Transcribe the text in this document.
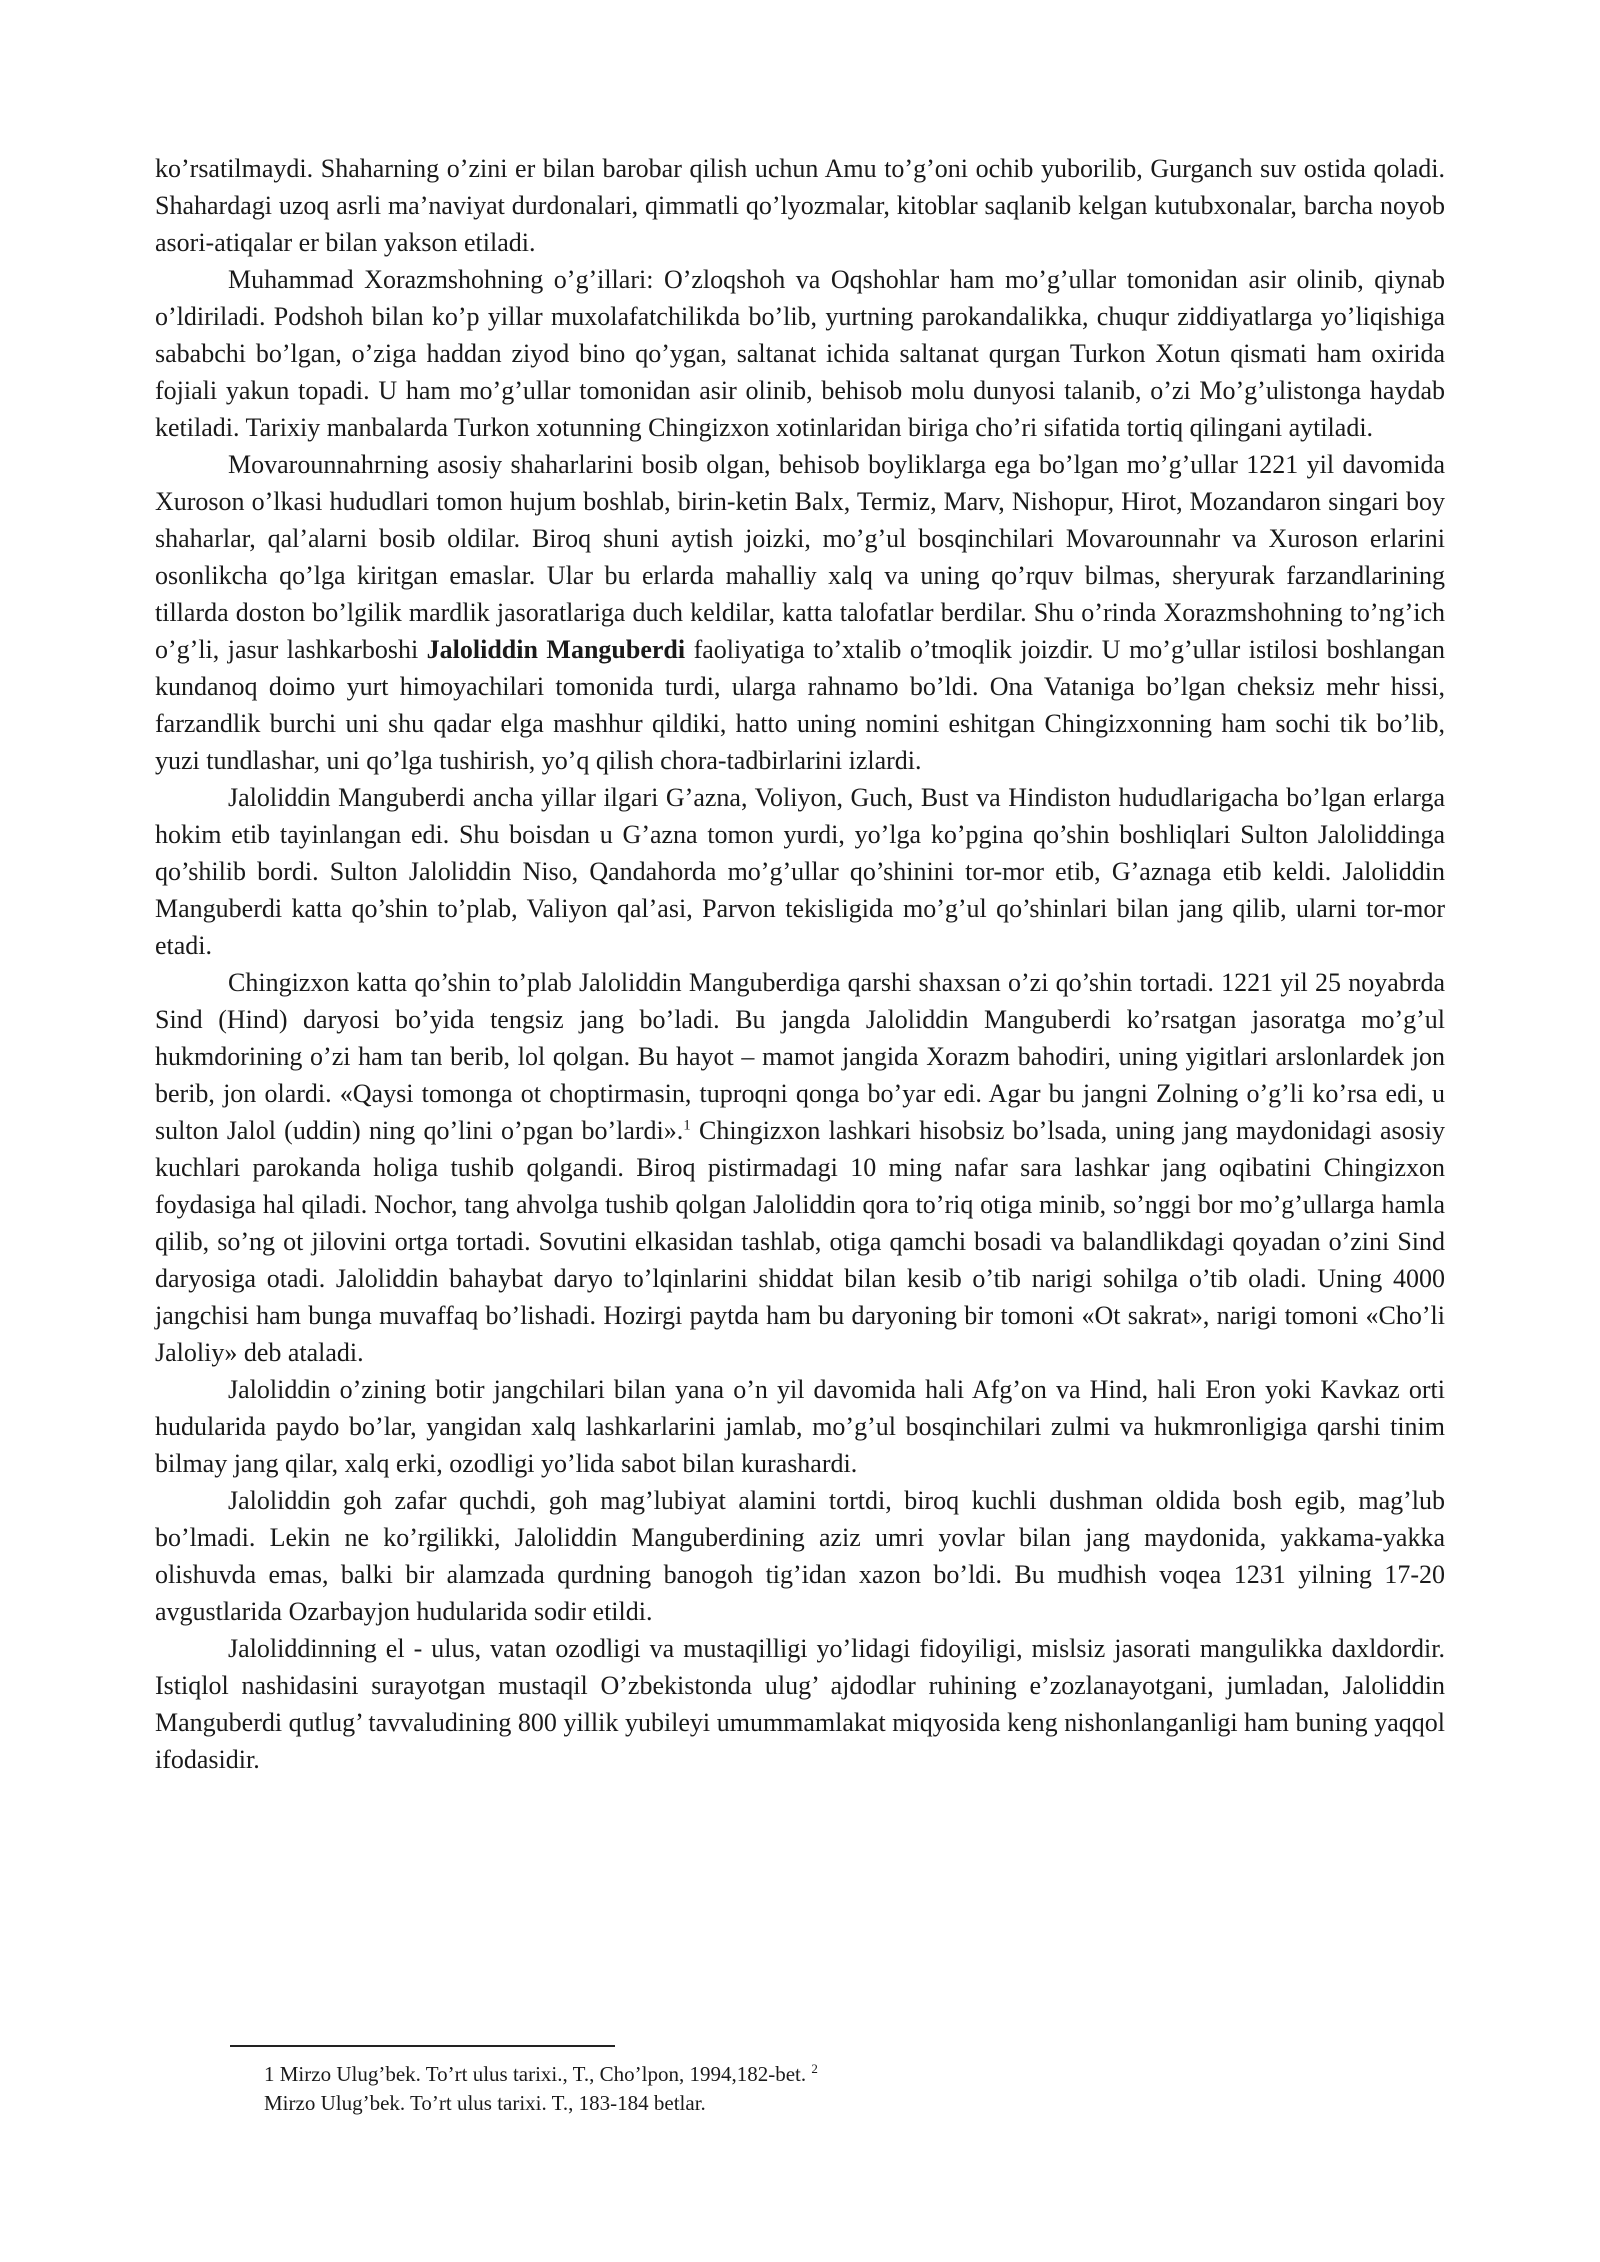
ko’rsatilmaydi. Shaharning o’zini er bilan barobar qilish uchun Amu to’g’oni ochib yuborilib, Gurganch suv ostida qoladi. Shahardagi uzoq asrli ma’naviyat durdonalari, qimmatli qo’lyozmalar, kitoblar saqlanib kelgan kutubxonalar, barcha noyob asori-atiqalar er bilan yakson etiladi.

Muhammad Xorazmshohning o’g’illari: O’zloqshoh va Oqshohlar ham mo’g’ullar tomonidan asir olinib, qiynab o’ldiriladi. Podshoh bilan ko’p yillar muxolafatchilikda bo’lib, yurtning parokandalikka, chuqur ziddiyatlarga yo’liqishiga sababchi bo’lgan, o’ziga haddan ziyod bino qo’ygan, saltanat ichida saltanat qurgan Turkon Xotun qismati ham oxirida fojiali yakun topadi. U ham mo’g’ullar tomonidan asir olinib, behisob molu dunyosi talanib, o’zi Mo’g’ulistonga haydab ketiladi. Tarixiy manbalarda Turkon xotunning Chingizxon xotinlaridan biriga cho’ri sifatida tortiq qilingani aytiladi.

Movarounnahrning asosiy shaharlarini bosib olgan, behisob boyliklarga ega bo’lgan mo’g’ullar 1221 yil davomida Xuroson o’lkasi hududlari tomon hujum boshlab, birin-ketin Balx, Termiz, Marv, Nishopur, Hirot, Mozandaron singari boy shaharlar, qal’alarni bosib oldilar. Biroq shuni aytish joizki, mo’g’ul bosqinchilari Movarounnahr va Xuroson erlarini osonlikcha qo’lga kiritgan emaslar. Ular bu erlarda mahalliy xalq va uning qo’rquv bilmas, sheryurak farzandlarining tillarda doston bo’lgilik mardlik jasoratlariga duch keldilar, katta talofatlar berdilar. Shu o’rinda Xorazmshohning to’ng’ich o’g’li, jasur lashkarboshi Jaloliddin Manguberdi faoliyatiga to’xtalib o’tmoqlik joizdir. U mo’g’ullar istilosi boshlangan kundanoq doimo yurt himoyachilari tomonida turdi, ularga rahnamo bo’ldi. Ona Vataniga bo’lgan cheksiz mehr hissi, farzandlik burchi uni shu qadar elga mashhur qildiki, hatto uning nomini eshitgan Chingizxonning ham sochi tik bo’lib, yuzi tundlashar, uni qo’lga tushirish, yo’q qilish chora-tadbirlarini izlardi.

Jaloliddin Manguberdi ancha yillar ilgari G’azna, Voliyon, Guch, Bust va Hindiston hududlarigacha bo’lgan erlarga hokim etib tayinlangan edi. Shu boisdan u G’azna tomon yurdi, yo’lga ko’pgina qo’shin boshliqlari Sulton Jaloliddinga qo’shilib bordi. Sulton Jaloliddin Niso, Qandahorda mo’g’ullar qo’shinini tor-mor etib, G’aznaga etib keldi. Jaloliddin Manguberdi katta qo’shin to’plab, Valiyon qal’asi, Parvon tekisligida mo’g’ul qo’shinlari bilan jang qilib, ularni tor-mor etadi.

Chingizxon katta qo’shin to’plab Jaloliddin Manguberdiga qarshi shaxsan o’zi qo’shin tortadi. 1221 yil 25 noyabrda Sind (Hind) daryosi bo’yida tengsiz jang bo’ladi. Bu jangda Jaloliddin Manguberdi ko’rsatgan jasoratga mo’g’ul hukmdorining o’zi ham tan berib, lol qolgan. Bu hayot – mamot jangida Xorazm bahodiri, uning yigitlari arslonlardek jon berib, jon olardi. «Qaysi tomonga ot choptirmasin, tuproqni qonga bo’yar edi. Agar bu jangni Zolning o’g’li ko’rsa edi, u sulton Jalol (uddin) ning qo’lini o’pgan bo’lardi».$^1$ Chingizxon lashkari hisobsiz bo’lsada, uning jang maydonidagi asosiy kuchlari parokanda holiga tushib qolgandi. Biroq pistirmadagi 10 ming nafar sara lashkar jang oqibatini Chingizxon foydasiga hal qiladi. Nochor, tang ahvolga tushib qolgan Jaloliddin qora to’riq otiga minib, so’nggi bor mo’g’ullarga hamla qilib, so’ng ot jilovini ortga tortadi. Sovutini elkasidan tashlab, otiga qamchi bosadi va balandlikdagi qoyadan o’zini Sind daryosiga otadi. Jaloliddin bahaybat daryo to’lqinlarini shiddat bilan kesib o’tib narigi sohilga o’tib oladi. Uning 4000 jangchisi ham bunga muvaffaq bo’lishadi. Hozirgi paytda ham bu daryoning bir tomoni «Ot sakrat», narigi tomoni «Cho’li Jaloliy» deb ataladi.

Jaloliddin o’zining botir jangchilari bilan yana o’n yil davomida hali Afg’on va Hind, hali Eron yoki Kavkaz orti hudularida paydo bo’lar, yangidan xalq lashkarlarini jamlab, mo’g’ul bosqinchilari zulmi va hukmronligiga qarshi tinim bilmay jang qilar, xalq erki, ozodligi yo’lida sabot bilan kurashardi.

Jaloliddin goh zafar quchdi, goh mag’lubiyat alamini tortdi, biroq kuchli dushman oldida bosh egib, mag’lub bo’lmadi. Lekin ne ko’rgilikki, Jaloliddin Manguberdining aziz umri yovlar bilan jang maydonida, yakkama-yakka olishuvda emas, balki bir alamzada qurdning banogoh tig’idan xazon bo’ldi. Bu mudhish voqea 1231 yilning 17-20 avgustlarida Ozarbayjon hudularida sodir etildi.

Jaloliddinning el - ulus, vatan ozodligi va mustaqilligi yo’lidagi fidoyiligi, mislsiz jasorati mangulikka daxldordir. Istiqlol nashidasini surayotgan mustaqil O’zbekistonda ulug’ ajdodlar ruhining e’zozlanayotgani, jumladan, Jaloliddin Manguberdi qutlug’ tavvaludining 800 yillik yubileyi umummamlakat miqyosida keng nishonlanganligi ham buning yaqqol ifodasidir.

1 Mirzo Ulug’bek. To’rt ulus tarixi., T., Cho’lpon, 1994,182-bet. $^2$

Mirzo Ulug’bek. To’rt ulus tarixi. T., 183-184 betlar.
